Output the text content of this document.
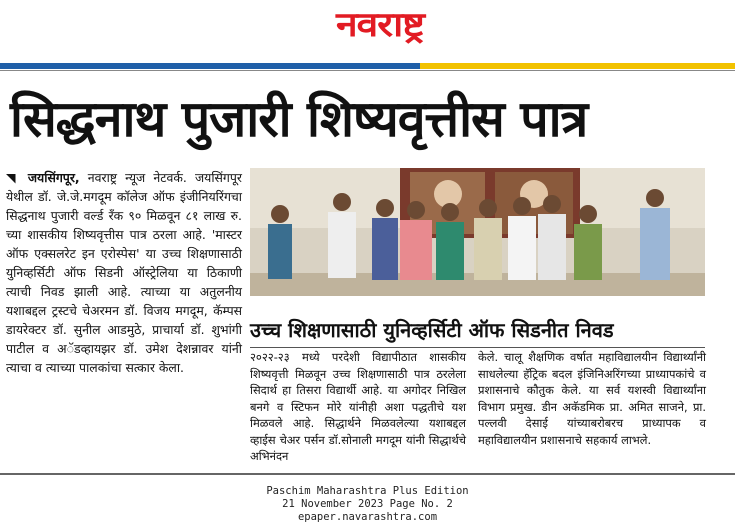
नवराष्ट्र
सिद्धनाथ पुजारी शिष्यवृत्तीस पात्र
◥ जयसिंगपूर, नवराष्ट्र न्यूज नेटवर्क. जयसिंगपूर येथील डॉ. जे.जे.मगदूम कॉलेज ऑफ इंजीनियरिंगचा सिद्धनाथ पुजारी वर्ल्ड रँक ९० मिळवून ८१ लाख रु. च्या शासकीय शिष्यवृत्तीस पात्र ठरला आहे. 'मास्टर ऑफ एक्सलरेट इन एरोस्पेस' या उच्च शिक्षणासाठी युनिव्हर्सिटी ऑफ सिडनी ऑस्ट्रेलिया या ठिकाणी त्याची निवड झाली आहे. त्याच्या या अतुलनीय यशाबद्दल ट्रस्टचे चेअरमन डॉ. विजय मगदूम, कॅम्पस डायरेक्टर डॉ. सुनील आडमुठे, प्राचार्या डॉ. शुभांगी पाटील व अॅडव्हायझर डॉ. उमेश देशन्नावर यांनी त्याचा व त्याच्या पालकांचा सत्कार केला.
उच्च शिक्षणासाठी युनिव्हर्सिटी ऑफ सिडनीत निवड
२०२२-२३ मध्ये परदेशी विद्यापीठात शासकीय शिष्यवृत्ती मिळवून उच्च शिक्षणासाठी पात्र ठरलेला सिदार्थ हा तिसरा विद्यार्थी आहे. या अगोदर निखिल बनगे व स्टिफन मोरे यांनीही अशा पद्धतीचे यश मिळवले आहे. सिद्धार्थने मिळवलेल्या यशाबद्दल व्हाईस चेअर पर्सन डॉ.सोनाली मगदूम यांनी सिद्धार्थचे अभिनंदन
केले. चालू शैक्षणिक वर्षात महाविद्यालयीन विद्यार्थ्यांनी साधलेल्या हॅट्रिक बदल इंजिनिअरिंगच्या प्राध्यापकांचे व प्रशासनाचे कौतुक केले. या सर्व यशस्वी विद्यार्थ्यांना विभाग प्रमुख. डीन अकॅडमिक प्रा. अमित साजने, प्रा. पल्लवी देसाई यांच्याबरोबरच प्राध्यापक व महाविद्यालयीन प्रशासनाचे सहकार्य लाभले.
Paschim Maharashtra Plus Edition
21 November 2023 Page No. 2
epaper.navarashtra.com
